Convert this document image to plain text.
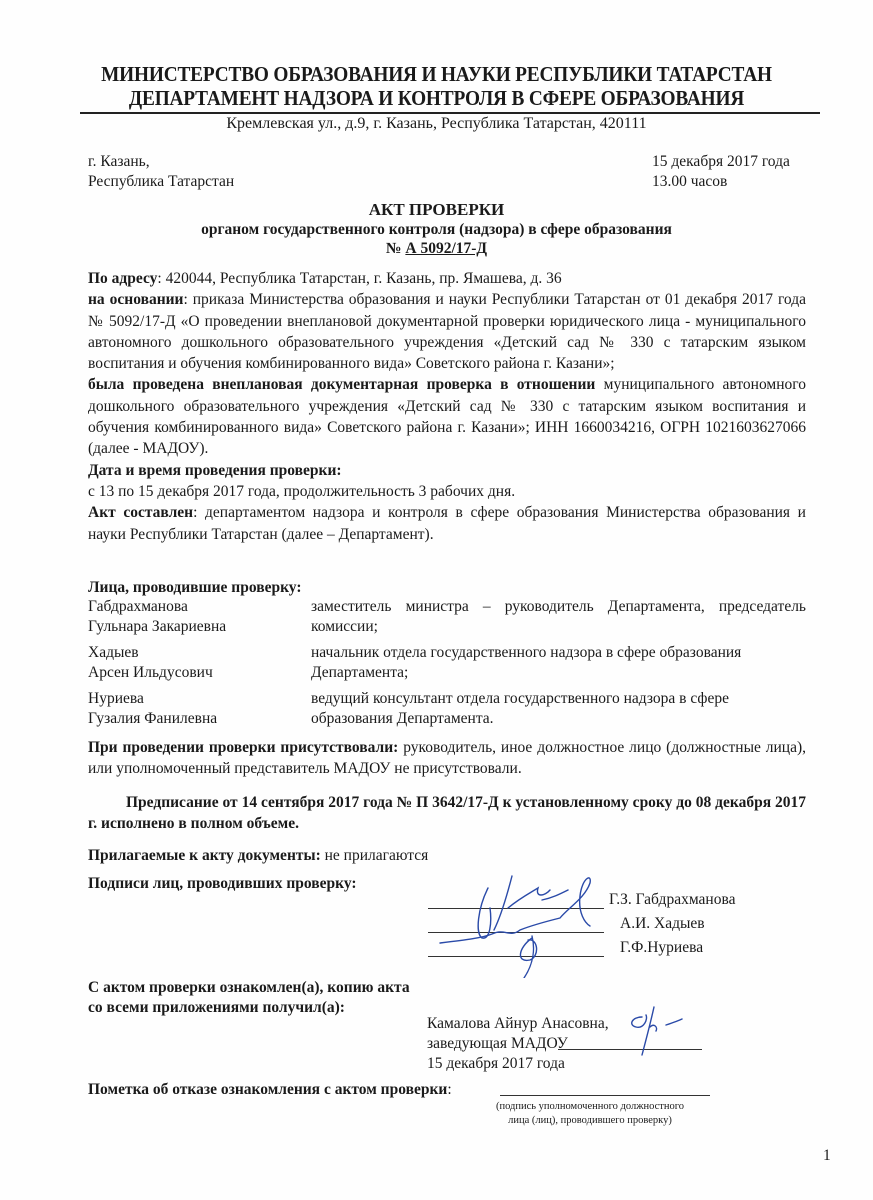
МИНИСТЕРСТВО ОБРАЗОВАНИЯ И НАУКИ РЕСПУБЛИКИ ТАТАРСТАН
ДЕПАРТАМЕНТ НАДЗОРА И КОНТРОЛЯ В СФЕРЕ ОБРАЗОВАНИЯ
Кремлевская ул., д.9, г. Казань, Республика Татарстан, 420111
г. Казань,
Республика Татарстан
15 декабря 2017 года
13.00 часов
АКТ ПРОВЕРКИ
органом государственного контроля (надзора) в сфере образования
№ А 5092/17-Д

По адресу: 420044, Республика Татарстан, г. Казань, пр. Ямашева, д. 36

на основании: приказа Министерства образования и науки Республики Татарстан от 01 декабря 2017 года № 5092/17-Д «О проведении внеплановой документарной проверки юридического лица - муниципального автономного дошкольного образовательного учреждения «Детский сад № 330 с татарским языком воспитания и обучения комбинированного вида» Советского района г. Казани»;

была проведена внеплановая документарная проверка в отношении муниципального автономного дошкольного образовательного учреждения «Детский сад № 330 с татарским языком воспитания и обучения комбинированного вида» Советского района г. Казани»; ИНН 1660034216, ОГРН 1021603627066 (далее - МАДОУ).

Дата и время проведения проверки:

с 13 по 15 декабря 2017 года, продолжительность 3 рабочих дня.

Акт составлен: департаментом надзора и контроля в сфере образования Министерства образования и науки Республики Татарстан (далее – Департамент).

Лица, проводившие проверку:
Габдрахманова
Гульнара Закариевна
заместитель министра – руководитель Департамента, председатель комиссии;
Хадыев
Арсен Ильдусович
начальник отдела государственного надзора в сфере образования
Департамента;
Нуриева
Гузалия Фанилевна
ведущий консультант отдела государственного надзора в сфере
образования Департамента.

При проведении проверки присутствовали: руководитель, иное должностное лицо (должностные лица), или уполномоченный представитель МАДОУ не присутствовали.

Предписание от 14 сентября 2017 года № П 3642/17-Д к установленному сроку до 08 декабря 2017 г. исполнено в полном объеме.

Прилагаемые к акту документы: не прилагаются
Подписи лиц, проводивших проверку:
Г.З. Габдрахманова
А.И. Хадыев
Г.Ф.Нуриева
С актом проверки ознакомлен(а), копию акта
со всеми приложениями получил(а):
Камалова Айнур Анасовна,
заведующая МАДОУ
15 декабря 2017 года
Пометка об отказе ознакомления с актом проверки:
(подпись уполномоченного должностного
лица (лиц), проводившего проверку)
1
